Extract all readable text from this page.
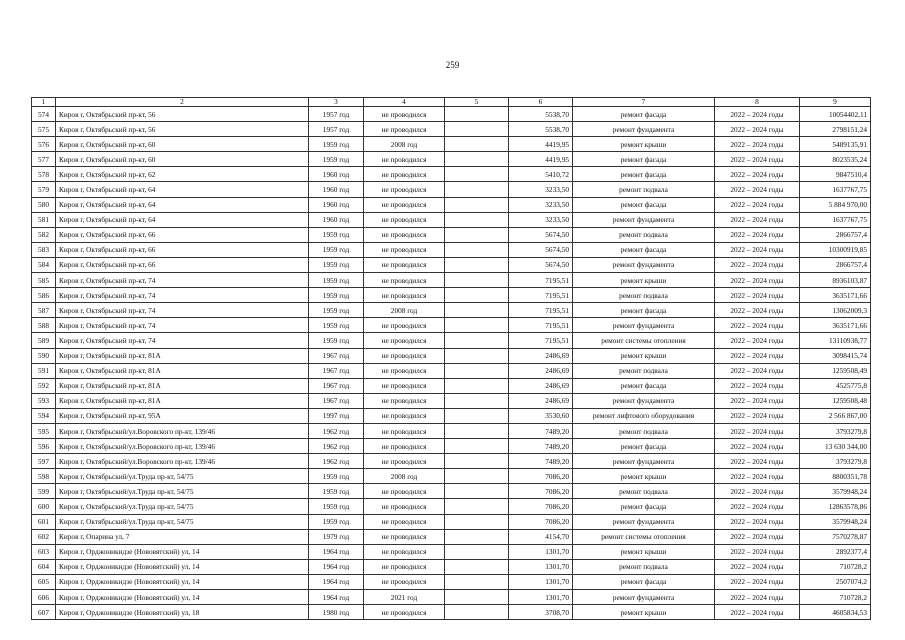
259
1	2	3	4	5	6	7	8	9
574	Киров г, Октябрьский пр-кт, 56	1957 год	не проводился		5538,70	ремонт фасада	2022 – 2024 годы	10054402,11
575	Киров г, Октябрьский пр-кт, 56	1957 год	не проводился		5538,70	ремонт фундамента	2022 – 2024 годы	2798151,24
576	Киров г, Октябрьский пр-кт, 60	1959 год	2008 год		4419,95	ремонт крыши	2022 – 2024 годы	5489135,91
577	Киров г, Октябрьский пр-кт, 60	1959 год	не проводился		4419,95	ремонт фасада	2022 – 2024 годы	8023535,24
578	Киров г, Октябрьский пр-кт, 62	1960 год	не проводился		5410,72	ремонт фасада	2022 – 2024 годы	9847510,4
579	Киров г, Октябрьский пр-кт, 64	1960 год	не проводился		3233,50	ремонт подвала	2022 – 2024 годы	1637767,75
580	Киров г, Октябрьский пр-кт, 64	1960 год	не проводился		3233,50	ремонт фасада	2022 – 2024 годы	5 884 970,00
581	Киров г, Октябрьский пр-кт, 64	1960 год	не проводился		3233,50	ремонт фундамента	2022 – 2024 годы	1637767,75
582	Киров г, Октябрьский пр-кт, 66	1959 год	не проводился		5674,50	ремонт подвала	2022 – 2024 годы	2866757,4
583	Киров г, Октябрьский пр-кт, 66	1959 год	не проводился		5674,50	ремонт фасада	2022 – 2024 годы	10300919,85
584	Киров г, Октябрьский пр-кт, 66	1959 год	не проводился		5674,50	ремонт фундамента	2022 – 2024 годы	2866757,4
585	Киров г, Октябрьский пр-кт, 74	1959 год	не проводился		7195,51	ремонт крыши	2022 – 2024 годы	8936103,87
586	Киров г, Октябрьский пр-кт, 74	1959 год	не проводился		7195,51	ремонт подвала	2022 – 2024 годы	3635171,66
587	Киров г, Октябрьский пр-кт, 74	1959 год	2008 год		7195,51	ремонт фасада	2022 – 2024 годы	13062009,3
588	Киров г, Октябрьский пр-кт, 74	1959 год	не проводился		7195,51	ремонт фундамента	2022 – 2024 годы	3635171,66
589	Киров г, Октябрьский пр-кт, 74	1959 год	не проводился		7195,51	ремонт системы отопления	2022 – 2024 годы	13110938,77
590	Киров г, Октябрьский пр-кт, 81А	1967 год	не проводился		2486,69	ремонт крыши	2022 – 2024 годы	3098415,74
591	Киров г, Октябрьский пр-кт, 81А	1967 год	не проводился		2486,69	ремонт подвала	2022 – 2024 годы	1259508,49
592	Киров г, Октябрьский пр-кт, 81А	1967 год	не проводился		2486,69	ремонт фасада	2022 – 2024 годы	4525775,8
593	Киров г, Октябрьский пр-кт, 81А	1967 год	не проводился		2486,69	ремонт фундамента	2022 – 2024 годы	1259508,48
594	Киров г, Октябрьский пр-кт, 95А	1997 год	не проводился		3530,60	ремонт лифтового оборудования	2022 – 2024 годы	2 566 867,00
595	Киров г, Октябрьский/ул.Воровского пр-кт, 139/46	1962 год	не проводился		7489,20	ремонт подвала	2022 – 2024 годы	3793279,8
596	Киров г, Октябрьский/ул.Воровского пр-кт, 139/46	1962 год	не проводился		7489,20	ремонт фасада	2022 – 2024 годы	13 630 344,00
597	Киров г, Октябрьский/ул.Воровского пр-кт, 139/46	1962 год	не проводился		7489,20	ремонт фундамента	2022 – 2024 годы	3793279,8
598	Киров г, Октябрьский/ул.Труда пр-кт, 54/75	1959 год	2008 год		7086,20	ремонт крыши	2022 – 2024 годы	8800351,78
599	Киров г, Октябрьский/ул.Труда пр-кт, 54/75	1959 год	не проводился		7086,20	ремонт подвала	2022 – 2024 годы	3579948,24
600	Киров г, Октябрьский/ул.Труда пр-кт, 54/75	1959 год	не проводился		7086,20	ремонт фасада	2022 – 2024 годы	12863578,86
601	Киров г, Октябрьский/ул.Труда пр-кт, 54/75	1959 год	не проводился		7086,20	ремонт фундамента	2022 – 2024 годы	3579948,24
602	Киров г, Опарина ул, 7	1979 год	не проводился		4154,70	ремонт системы отопления	2022 – 2024 годы	7570278,87
603	Киров г, Орджоникидзе (Нововятский) ул, 14	1964 год	не проводился		1301,70	ремонт крыши	2022 – 2024 годы	2892377,4
604	Киров г, Орджоникидзе (Нововятский) ул, 14	1964 год	не проводился		1301,70	ремонт подвала	2022 – 2024 годы	710728,2
605	Киров г, Орджоникидзе (Нововятский) ул, 14	1964 год	не проводился		1301,70	ремонт фасада	2022 – 2024 годы	2507074,2
606	Киров г, Орджоникидзе (Нововятский) ул, 14	1964 год	2021 год		1301,70	ремонт фундамента	2022 – 2024 годы	710728,2
607	Киров г, Орджоникидзе (Нововятский) ул, 18	1980 год	не проводился		3708,70	ремонт крыши	2022 – 2024 годы	4605834,53
